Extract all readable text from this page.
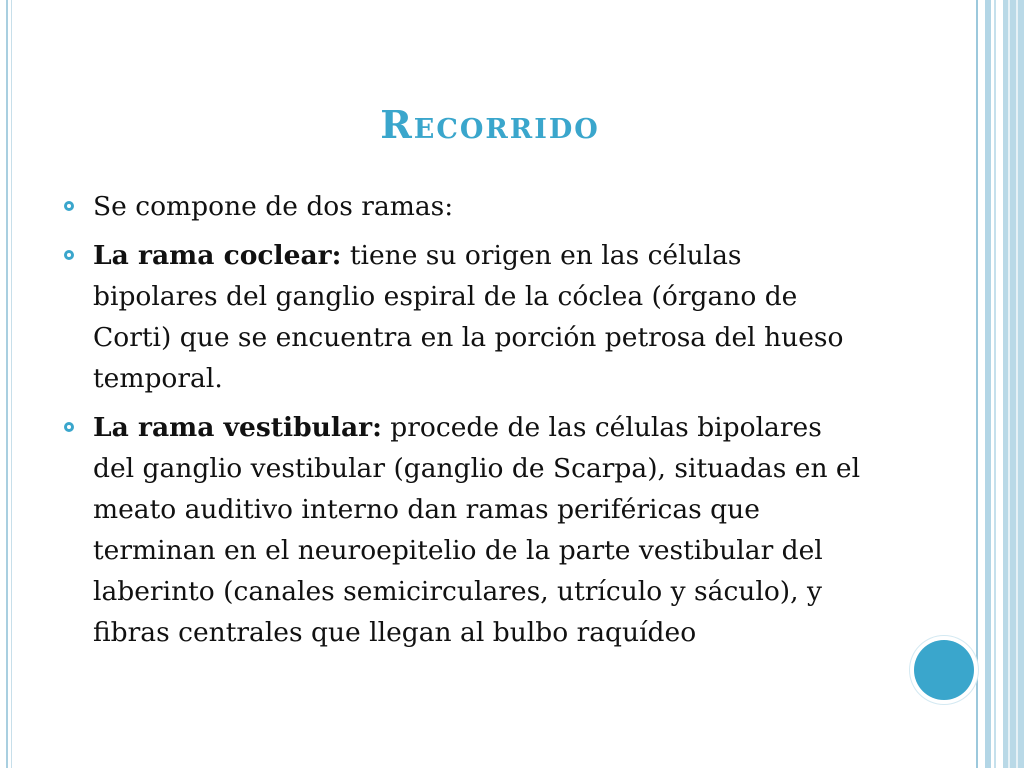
Recorrido
Se compone de dos ramas:
La rama coclear: tiene su origen en las células bipolares del ganglio espiral de la cóclea (órgano de Corti) que se encuentra en la porción petrosa del hueso temporal.
La rama vestibular: procede de las células bipolares del ganglio vestibular (ganglio de Scarpa), situadas en el meato auditivo interno dan ramas periféricas que terminan en el neuroepitelio de la parte vestibular del laberinto (canales semicirculares, utrículo y sáculo), y fibras centrales que llegan al bulbo raquídeo
